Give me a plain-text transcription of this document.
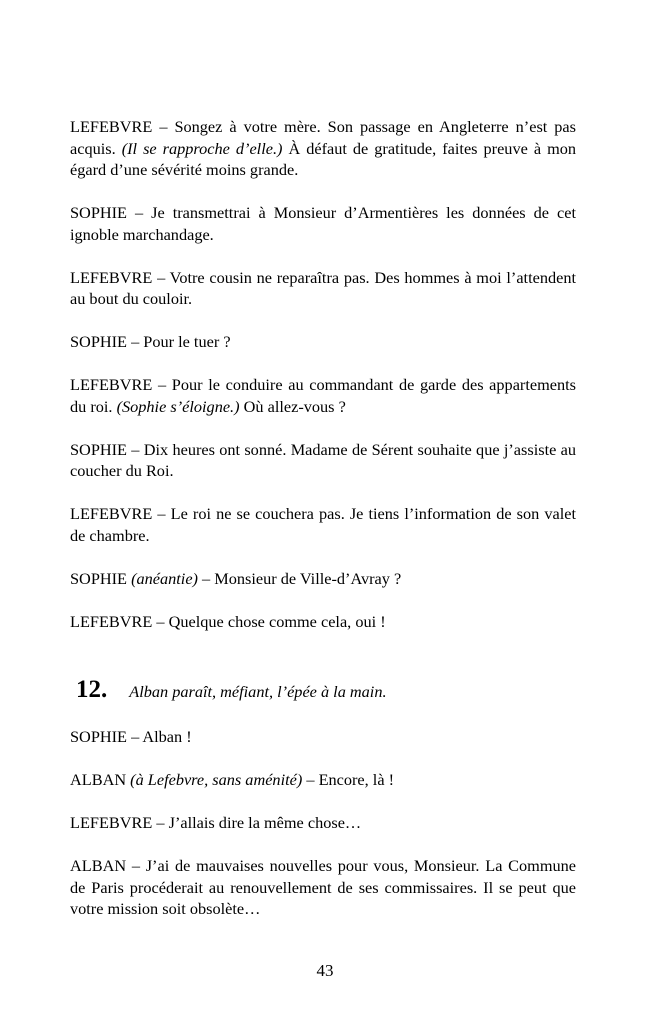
LEFEBVRE – Songez à votre mère. Son passage en Angleterre n’est pas acquis. (Il se rapproche d’elle.) À défaut de gratitude, faites preuve à mon égard d’une sévérité moins grande.

SOPHIE – Je transmettrai à Monsieur d’Armentières les données de cet ignoble marchandage.

LEFEBVRE – Votre cousin ne reparaîtra pas. Des hommes à moi l’attendent au bout du couloir.

SOPHIE – Pour le tuer ?

LEFEBVRE – Pour le conduire au commandant de garde des appartements du roi. (Sophie s’éloigne.) Où allez-vous ?

SOPHIE – Dix heures ont sonné. Madame de Sérent souhaite que j’assiste au coucher du Roi.

LEFEBVRE – Le roi ne se couchera pas. Je tiens l’information de son valet de chambre.

SOPHIE (anéantie) – Monsieur de Ville-d’Avray ?

LEFEBVRE – Quelque chose comme cela, oui !

12. Alban paraît, méfiant, l’épée à la main.

SOPHIE – Alban !

ALBAN (à Lefebvre, sans aménité) – Encore, là !

LEFEBVRE – J’allais dire la même chose…

ALBAN – J’ai de mauvaises nouvelles pour vous, Monsieur. La Commune de Paris procéderait au renouvellement de ses commissaires. Il se peut que votre mission soit obsolète…

43
